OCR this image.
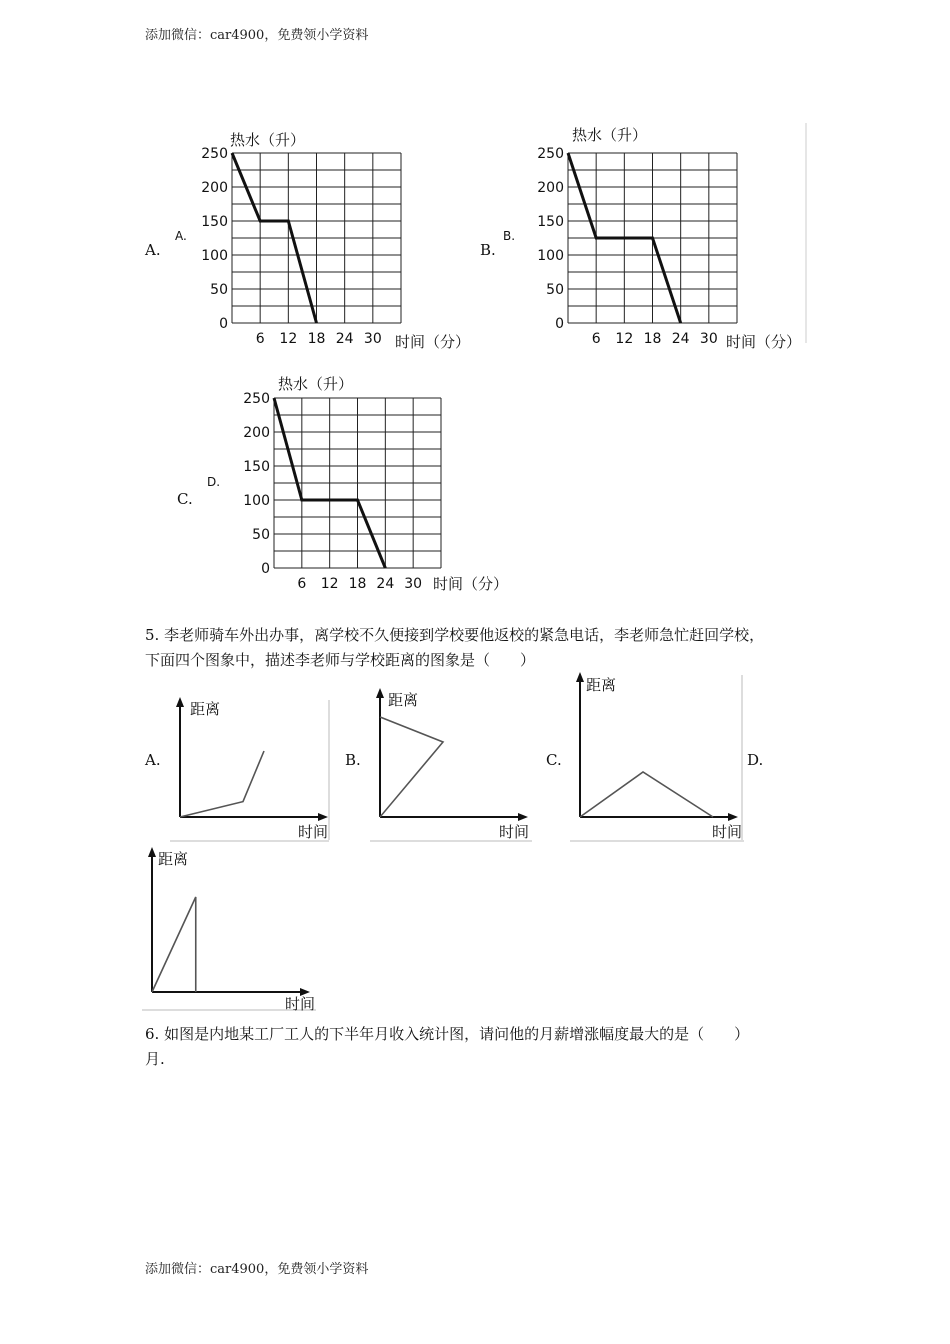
添加微信：car4900，免费领小学资料
添加微信：car4900，免费领小学资料
A.	B.
C.
A.
热水（升）
时间（分）
0
50
100
150
200
250
6 12 18 24 30
B.
热水（升）
时间（分）
0
50
100
150
200
250
6 12 18 24 30
D.
热水（升）
时间（分）
0
50
100
150
200
250
6 12 18 24 30
5. 李老师骑车外出办事，离学校不久便接到学校要他返校的紧急电话，李老师急忙赶回学校，
下面四个图象中，描述李老师与学校距离的图象是（　　）
A.	B.	C.	D.
距离
时间
距离
时间
距离
时间
距离
时间
6. 如图是内地某工厂工人的下半年月收入统计图，请问他的月薪增涨幅度最大的是（　　）
月.
